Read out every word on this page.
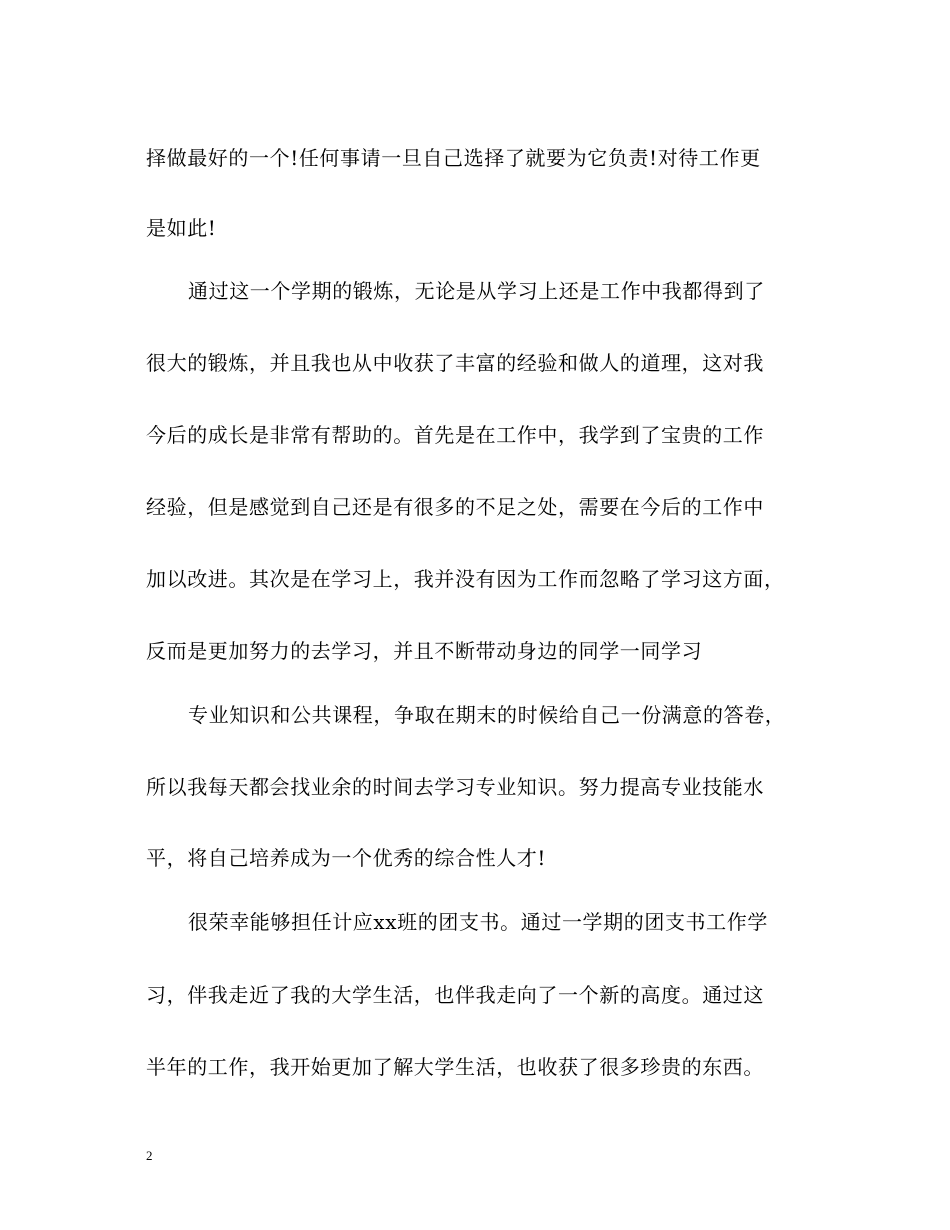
择做最好的一个!任何事请一旦自己选择了就要为它负责!对待工作更
是如此!
通过这一个学期的锻炼，无论是从学习上还是工作中我都得到了
很大的锻炼，并且我也从中收获了丰富的经验和做人的道理，这对我
今后的成长是非常有帮助的。首先是在工作中，我学到了宝贵的工作
经验，但是感觉到自己还是有很多的不足之处，需要在今后的工作中
加以改进。其次是在学习上，我并没有因为工作而忽略了学习这方面，
反而是更加努力的去学习，并且不断带动身边的同学一同学习
专业知识和公共课程，争取在期末的时候给自己一份满意的答卷，
所以我每天都会找业余的时间去学习专业知识。努力提高专业技能水
平，将自己培养成为一个优秀的综合性人才!
很荣幸能够担任计应xx班的团支书。通过一学期的团支书工作学
习，伴我走近了我的大学生活，也伴我走向了一个新的高度。通过这
半年的工作，我开始更加了解大学生活，也收获了很多珍贵的东西。
2
